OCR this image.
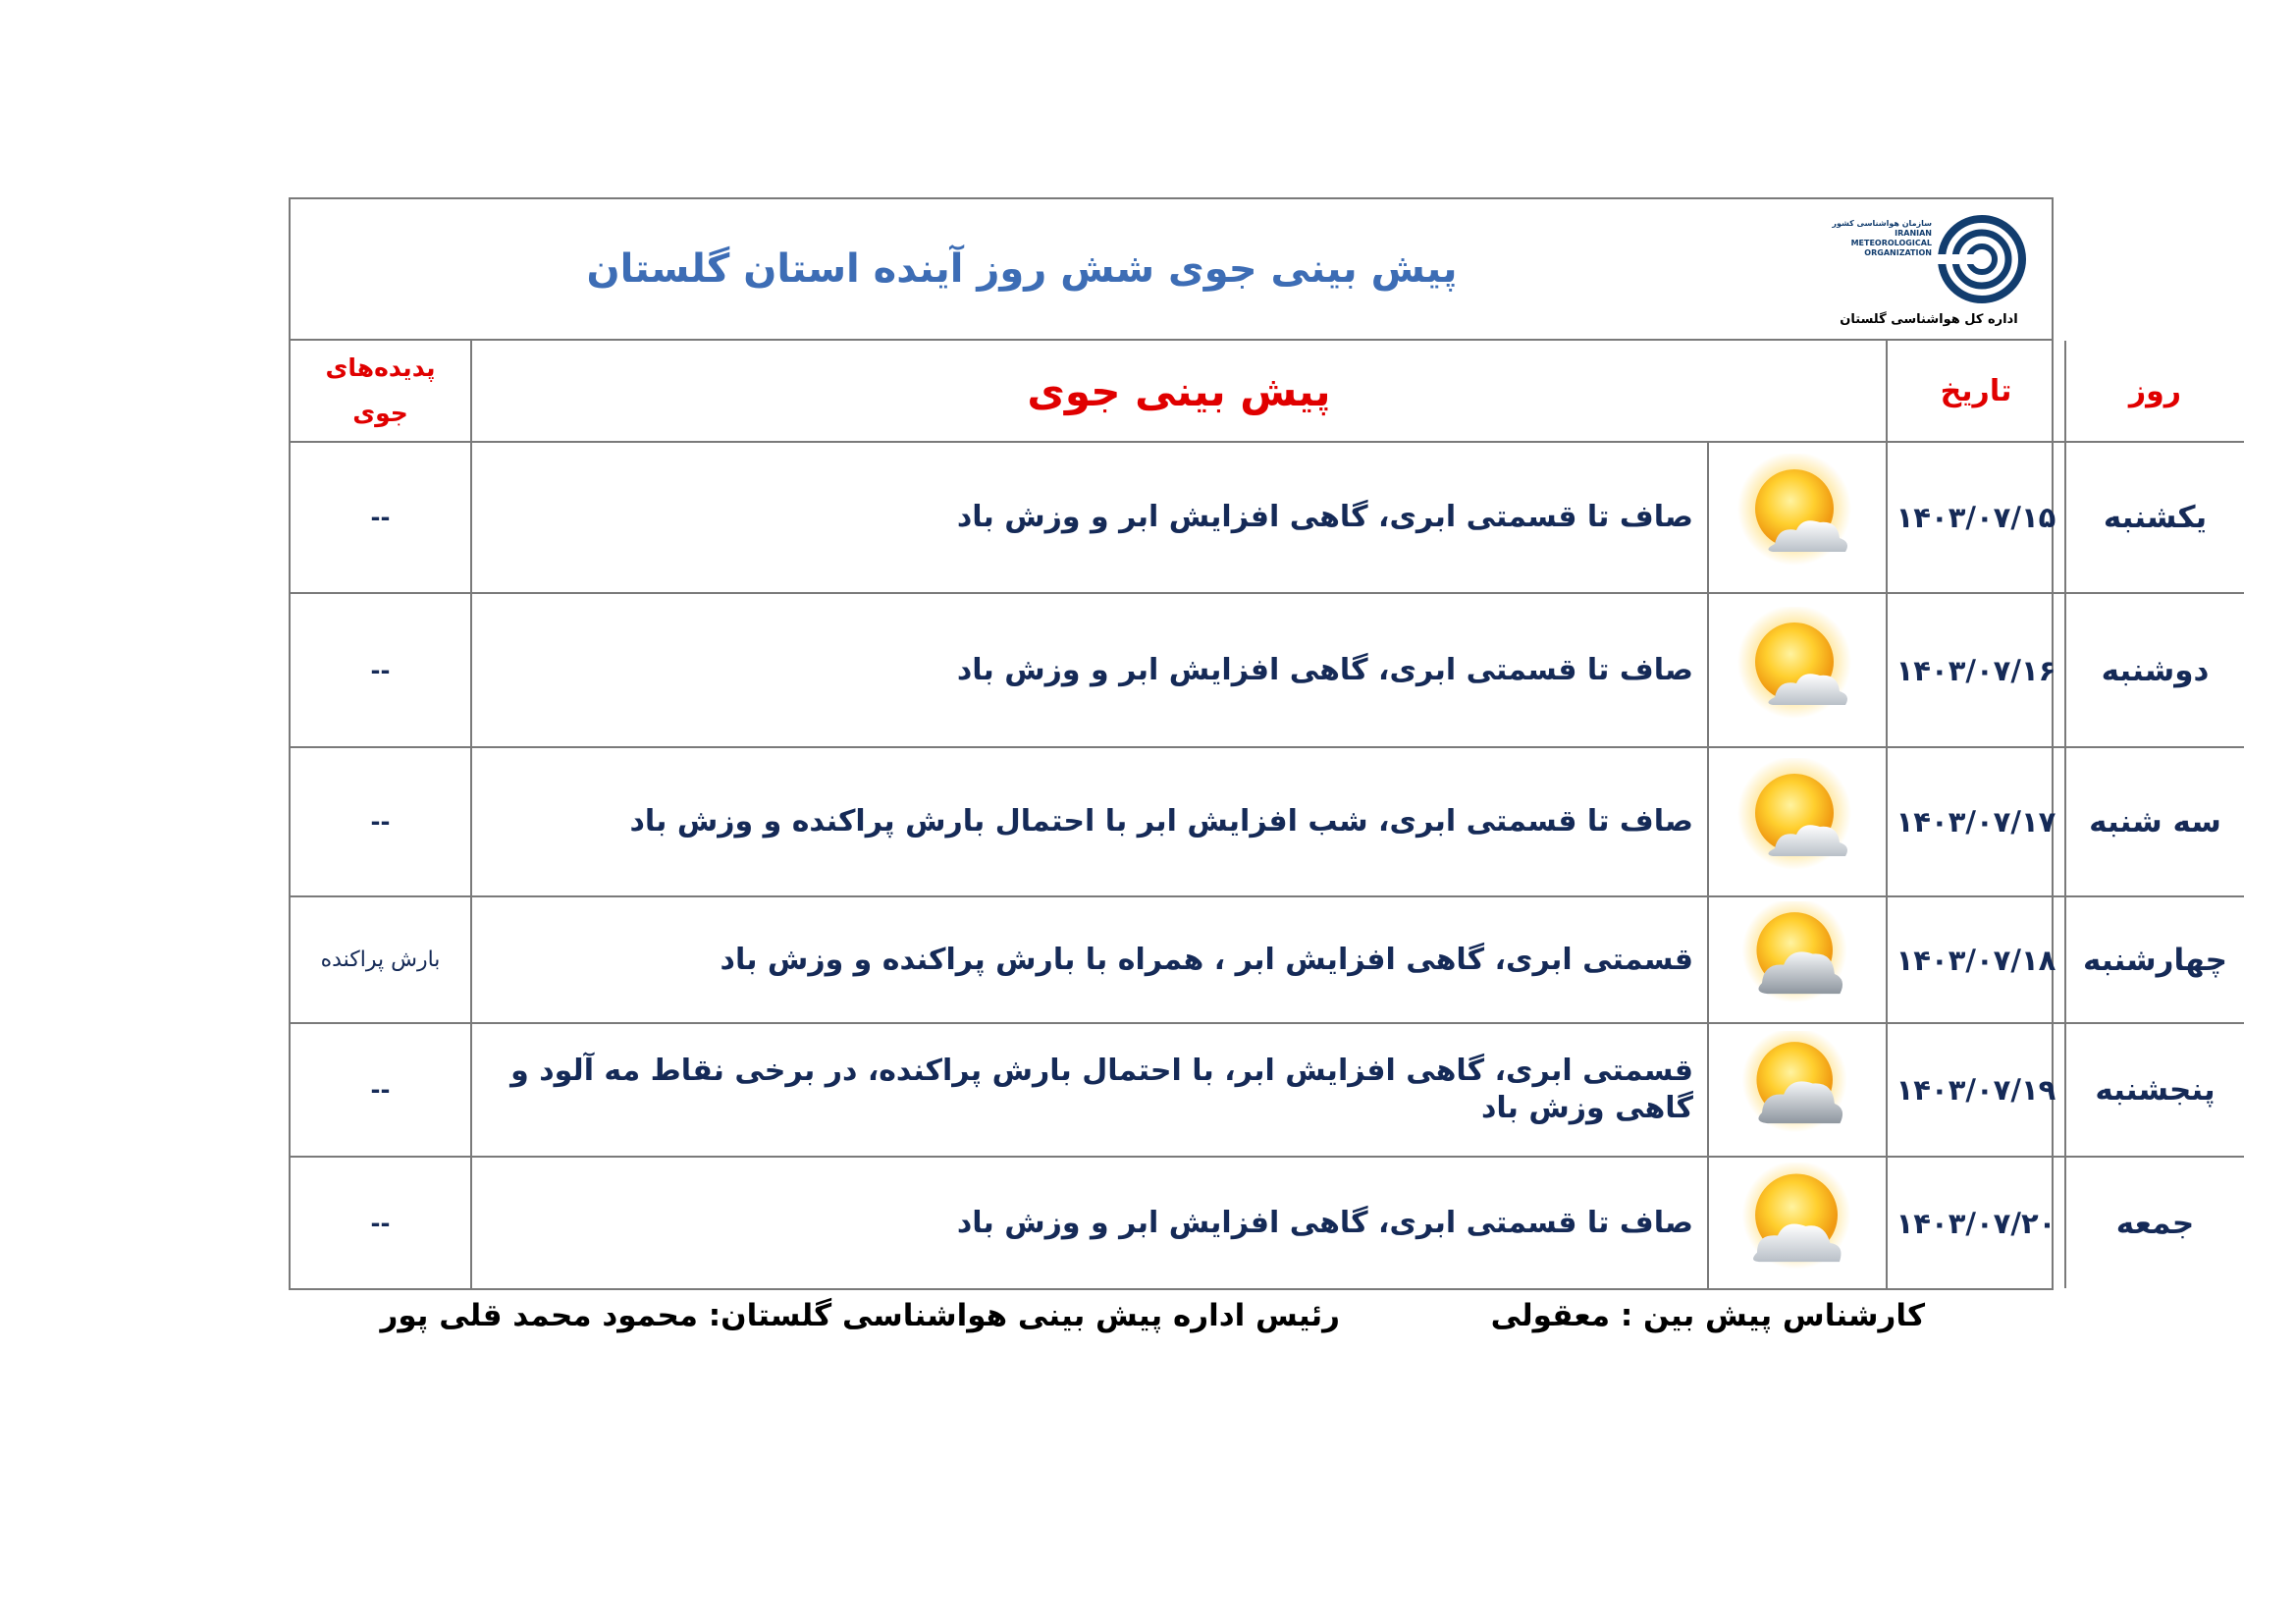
پیش بینی جوی شش روز آینده استان گلستان
سازمان هواشناسی کشور
IRANIAN
METEOROLOGICAL
ORGANIZATION
اداره کل هواشناسی گلستان
روز	تاریخ	پیش بینی جوی		پدیده‌های
جوی

یکشنبه	۱۴۰۳/۰۷/۱۵		صاف تا قسمتی ابری، گاهی افزایش ابر و وزش باد	--
دوشنبه	۱۴۰۳/۰۷/۱۶		صاف تا قسمتی ابری، گاهی افزایش ابر و وزش باد	--
سه شنبه	۱۴۰۳/۰۷/۱۷		صاف تا قسمتی ابری، شب افزایش ابر با احتمال بارش پراکنده و وزش باد	--
چهارشنبه	۱۴۰۳/۰۷/۱۸		قسمتی ابری، گاهی افزایش ابر ، همراه با بارش پراکنده و وزش باد	بارش پراکنده
پنجشنبه	۱۴۰۳/۰۷/۱۹		قسمتی ابری، گاهی افزایش ابر، با احتمال بارش پراکنده، در برخی نقاط مه آلود و گاهی وزش باد	--
جمعه	۱۴۰۳/۰۷/۲۰		صاف تا قسمتی ابری، گاهی افزایش ابر و وزش باد	--
کارشناس پیش بین : معقولی
رئیس اداره پیش بینی هواشناسی گلستان: محمود محمد قلی پور
